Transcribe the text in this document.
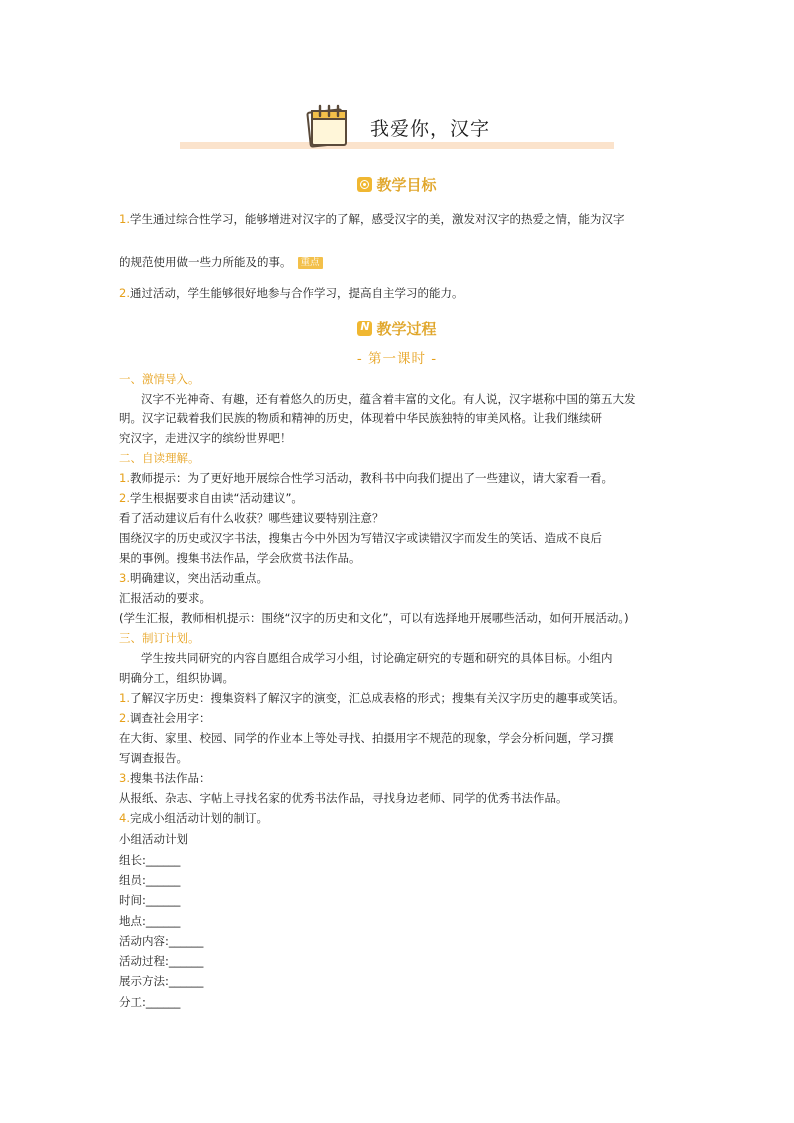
我爱你，汉字
教学目标
1.学生通过综合性学习，能够增进对汉字的了解，感受汉字的美，激发对汉字的热爱之情，能为汉字
的规范使用做一些力所能及的事。 重点
2.通过活动，学生能够很好地参与合作学习，提高自主学习的能力。
N教学过程
- 第一课时 -
一、激情导入。
汉字不光神奇、有趣，还有着悠久的历史，蕴含着丰富的文化。有人说，汉字堪称中国的第五大发
明。汉字记载着我们民族的物质和精神的历史，体现着中华民族独特的审美风格。让我们继续研
究汉字，走进汉字的缤纷世界吧！
二、自读理解。
1.教师提示：为了更好地开展综合性学习活动，教科书中向我们提出了一些建议，请大家看一看。
2.学生根据要求自由读“活动建议”。
看了活动建议后有什么收获？哪些建议要特别注意？
围绕汉字的历史或汉字书法，搜集古今中外因为写错汉字或读错汉字而发生的笑话、造成不良后
果的事例。搜集书法作品，学会欣赏书法作品。
3.明确建议，突出活动重点。
汇报活动的要求。
(学生汇报，教师相机提示：围绕“汉字的历史和文化”，可以有选择地开展哪些活动，如何开展活动。)
三、制订计划。
学生按共同研究的内容自愿组合成学习小组，讨论确定研究的专题和研究的具体目标。小组内
明确分工，组织协调。
1.了解汉字历史：搜集资料了解汉字的演变，汇总成表格的形式；搜集有关汉字历史的趣事或笑话。
2.调查社会用字：
在大街、家里、校园、同学的作业本上等处寻找、拍摄用字不规范的现象，学会分析问题，学习撰
写调查报告。
3.搜集书法作品：
从报纸、杂志、字帖上寻找名家的优秀书法作品，寻找身边老师、同学的优秀书法作品。
4.完成小组活动计划的制订。
小组活动计划
组长:______
组员:______
时间:______
地点:______
活动内容:______
活动过程:______
展示方法:______
分工:______
